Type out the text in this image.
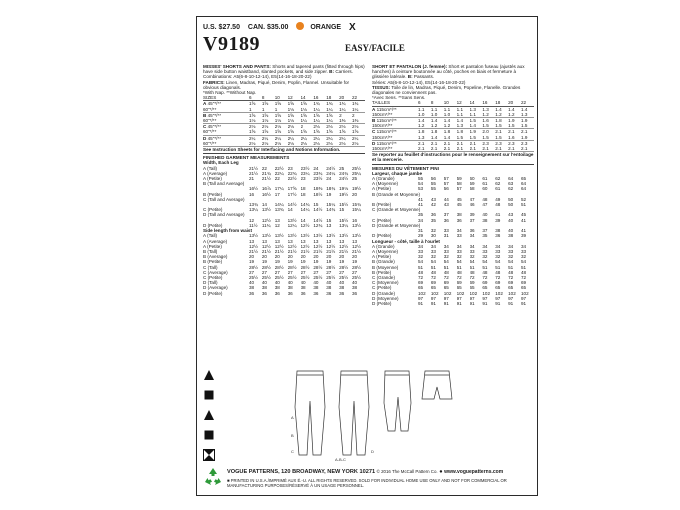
U.S. $27.50 CAN. $35.00	ORANGE X
V9189	EASY/FACILE

MISSES' SHORTS AND PANTS: Shorts and tapered pants (fitted through hips) have side button waistband, slanted pockets, and side zipper. B: Carriers.

Combinations: A5(6-8-10-12-14), E5(14-16-18-20-22)

FABRICS: Linen, Madras, Piqué, Denim, Poplin, Flannel. Unsuitable for obvious diagonals.

*With Nap. **Without Nap.

SIZES	6	8	10	12	14	16	18	20	22
A 45"*/**	1⅝	1⅝	1⅝	1⅝	1⅝	1¾	1¾	1¾	1¾
60"*/**	1	1	1	1⅛	1⅛	1¼	1¼	1¼	1¼
B 45"*/**	1⅝	1⅝	1⅝	1⅝	1⅝	1⅝	1⅝	2	2
60"*/**	1⅛	1⅛	1⅛	1⅛	1¼	1¼	1¼	1⅜	1⅜
C 45"*/**	2⅛	2⅛	2⅛	2⅛	2	2⅛	2⅛	2⅛	2⅛
60"*/**	1⅝	1⅝	1⅝	1⅝	1⅝	1⅝	1⅝	1⅝	1⅝
D 45"*/**	2¼	2¼	2¼	2¼	2¼	2¼	2¼	2¼	2¼
60"*/**	2⅛	2⅛	2⅛	2⅛	2⅛	2⅛	2⅛	2⅛	2⅛

See Instruction Sheets for Interfacing and Notions Information.

FINISHED GARMENT MEASUREMENTS

Width, Each Leg

A (Tall)	21½	22	22½	23	23½	24	24½	25	25½
A (Average)	21½	21¾	22¼	22¾	23¼	23¾	24¼	24¾	25¼
A (Petite)	21	21½	22	22½	23	23½	24	24½	25
B (Tall and Average)									
	16½	16⅞	17¼	17⅝	18	18⅜	18¾	19⅛	19½
B (Petite)	16	16½	17	17½	18	18½	19	19½	20
C (Tall and Average)									
	13¾	14	14¼	14½	14¾	15	15¼	15½	15¾
C (Petite)	13¼	13½	13¾	14	14¼	14½	14¾	15	15¼
D (Tall and Average)									
	12	12½	13	13½	14	14½	15	15½	16
D (Petite)	11½	11¾	12	12¼	12½	12¾	13	13¼	13½

Side length from waist

A (Tall)	13½	13½	13½	13½	13½	13½	13½	13½	13½
A (Average)	13	13	13	13	13	13	13	13	13
A (Petite)	12½	12½	12½	12½	12½	12½	12½	12½	12½
B (Tall)	21½	21½	21½	21½	21½	21½	21½	21½	21½
B (Average)	20	20	20	20	20	20	20	20	20
B (Petite)	19	19	19	19	19	19	19	19	19
C (Tall)	28½	28½	28½	28½	28½	28½	28½	28½	28½
C (Average)	27	27	27	27	27	27	27	27	27
C (Petite)	25½	25½	25½	25½	25½	25½	25½	25½	25½
D (Tall)	40	40	40	40	40	40	40	40	40
D (Average)	38	38	38	38	38	38	38	38	38
D (Petite)	36	36	36	36	36	36	36	36	36

SHORT ET PANTALON (J. femme): Short et pantalon fuseau (ajustés aux hanches) à ceinture boutonnée au côté, poches en biais et fermeture à glissière latérale. B: Passants.

Séries: A5(6-8-10-12-14), E5(14-16-18-20-22)

TISSUS: Toile de lin, Madras, Piqué, Denim, Popeline, Flanelle. Grandes diagonales ne conviennent pas.

*Avec Sens. **Sans Sens.

TAILLES	6	8	10	12	14	16	18	20	22
A 115cm*/**	1.1	1.1	1.1	1.1	1.3	1.3	1.4	1.4	1.4
150cm*/**	1.0	1.0	1.0	1.1	1.1	1.2	1.2	1.2	1.3
B 115cm*/**	1.4	1.4	1.4	1.4	1.5	1.6	1.8	1.9	1.9
150cm*/**	1.2	1.2	1.2	1.3	1.4	1.5	1.5	1.5	1.5
C 115cm*/**	1.8	1.8	1.8	1.8	1.9	2.0	2.1	2.1	2.1
150cm*/**	1.3	1.4	1.4	1.5	1.5	1.5	1.5	1.6	1.9
D 115cm*/**	2.1	2.1	2.1	2.1	2.1	2.3	2.3	2.3	2.3
150cm*/**	2.1	2.1	2.1	2.1	2.1	2.1	2.1	2.1	2.1

Se reporter au feuillet d'instructions pour le renseignement sur l'entoilage et la mercerie.

MESURES DU VÊTEMENT FINI

Largeur, chaque jambe

A (Grande)	55	56	57	59	60	61	62	64	65
A (Moyenne)	54	55	57	58	59	61	62	63	64
A (Petite)	53	55	56	57	58	60	61	62	64
B (Grande et Moyenne)									
	41	43	44	45	47	48	49	50	52
B (Petite)	41	42	43	45	46	47	48	50	51
C (Grande et Moyenne)									
	35	36	37	38	39	40	41	43	45
C (Petite)	34	35	36	36	37	38	39	40	41
D (Grande et Moyenne)									
	31	32	33	34	36	37	38	40	41
D (Petite)	29	30	31	33	34	35	36	38	39

Longueur - côté, taille à l'ourlet

A (Grande)	34	34	34	34	34	34	34	34	34
A (Moyenne)	33	33	33	33	33	33	33	33	33
A (Petite)	32	32	32	32	32	32	32	32	32
B (Grande)	54	54	54	54	54	54	54	54	54
B (Moyenne)	51	51	51	51	51	51	51	51	51
B (Petite)	48	48	48	48	48	48	48	48	48
C (Grande)	72	72	72	72	72	72	72	72	72
C (Moyenne)	69	69	69	69	69	69	69	69	69
C (Petite)	65	65	65	65	65	65	65	65	65
D (Grande)	102	102	102	102	102	102	102	102	102
D (Moyenne)	97	97	97	97	97	97	97	97	97
D (Petite)	91	91	91	91	91	91	91	91	91

A
B
C	D
A-B-C
VOGUE PATTERNS, 120 BROADWAY, NEW YORK 10271 © 2016 The McCall Pattern Co. ● www.voguepatterns.com
■ PRINTED IN U.S.A./IMPRIMÉ AUX É.-U. ALL RIGHTS RESERVED. SOLD FOR INDIVIDUAL HOME USE ONLY AND NOT FOR COMMERCIAL OR MANUFACTURING PURPOSES/RÉSERVÉ À UN USAGE PERSONNEL.
